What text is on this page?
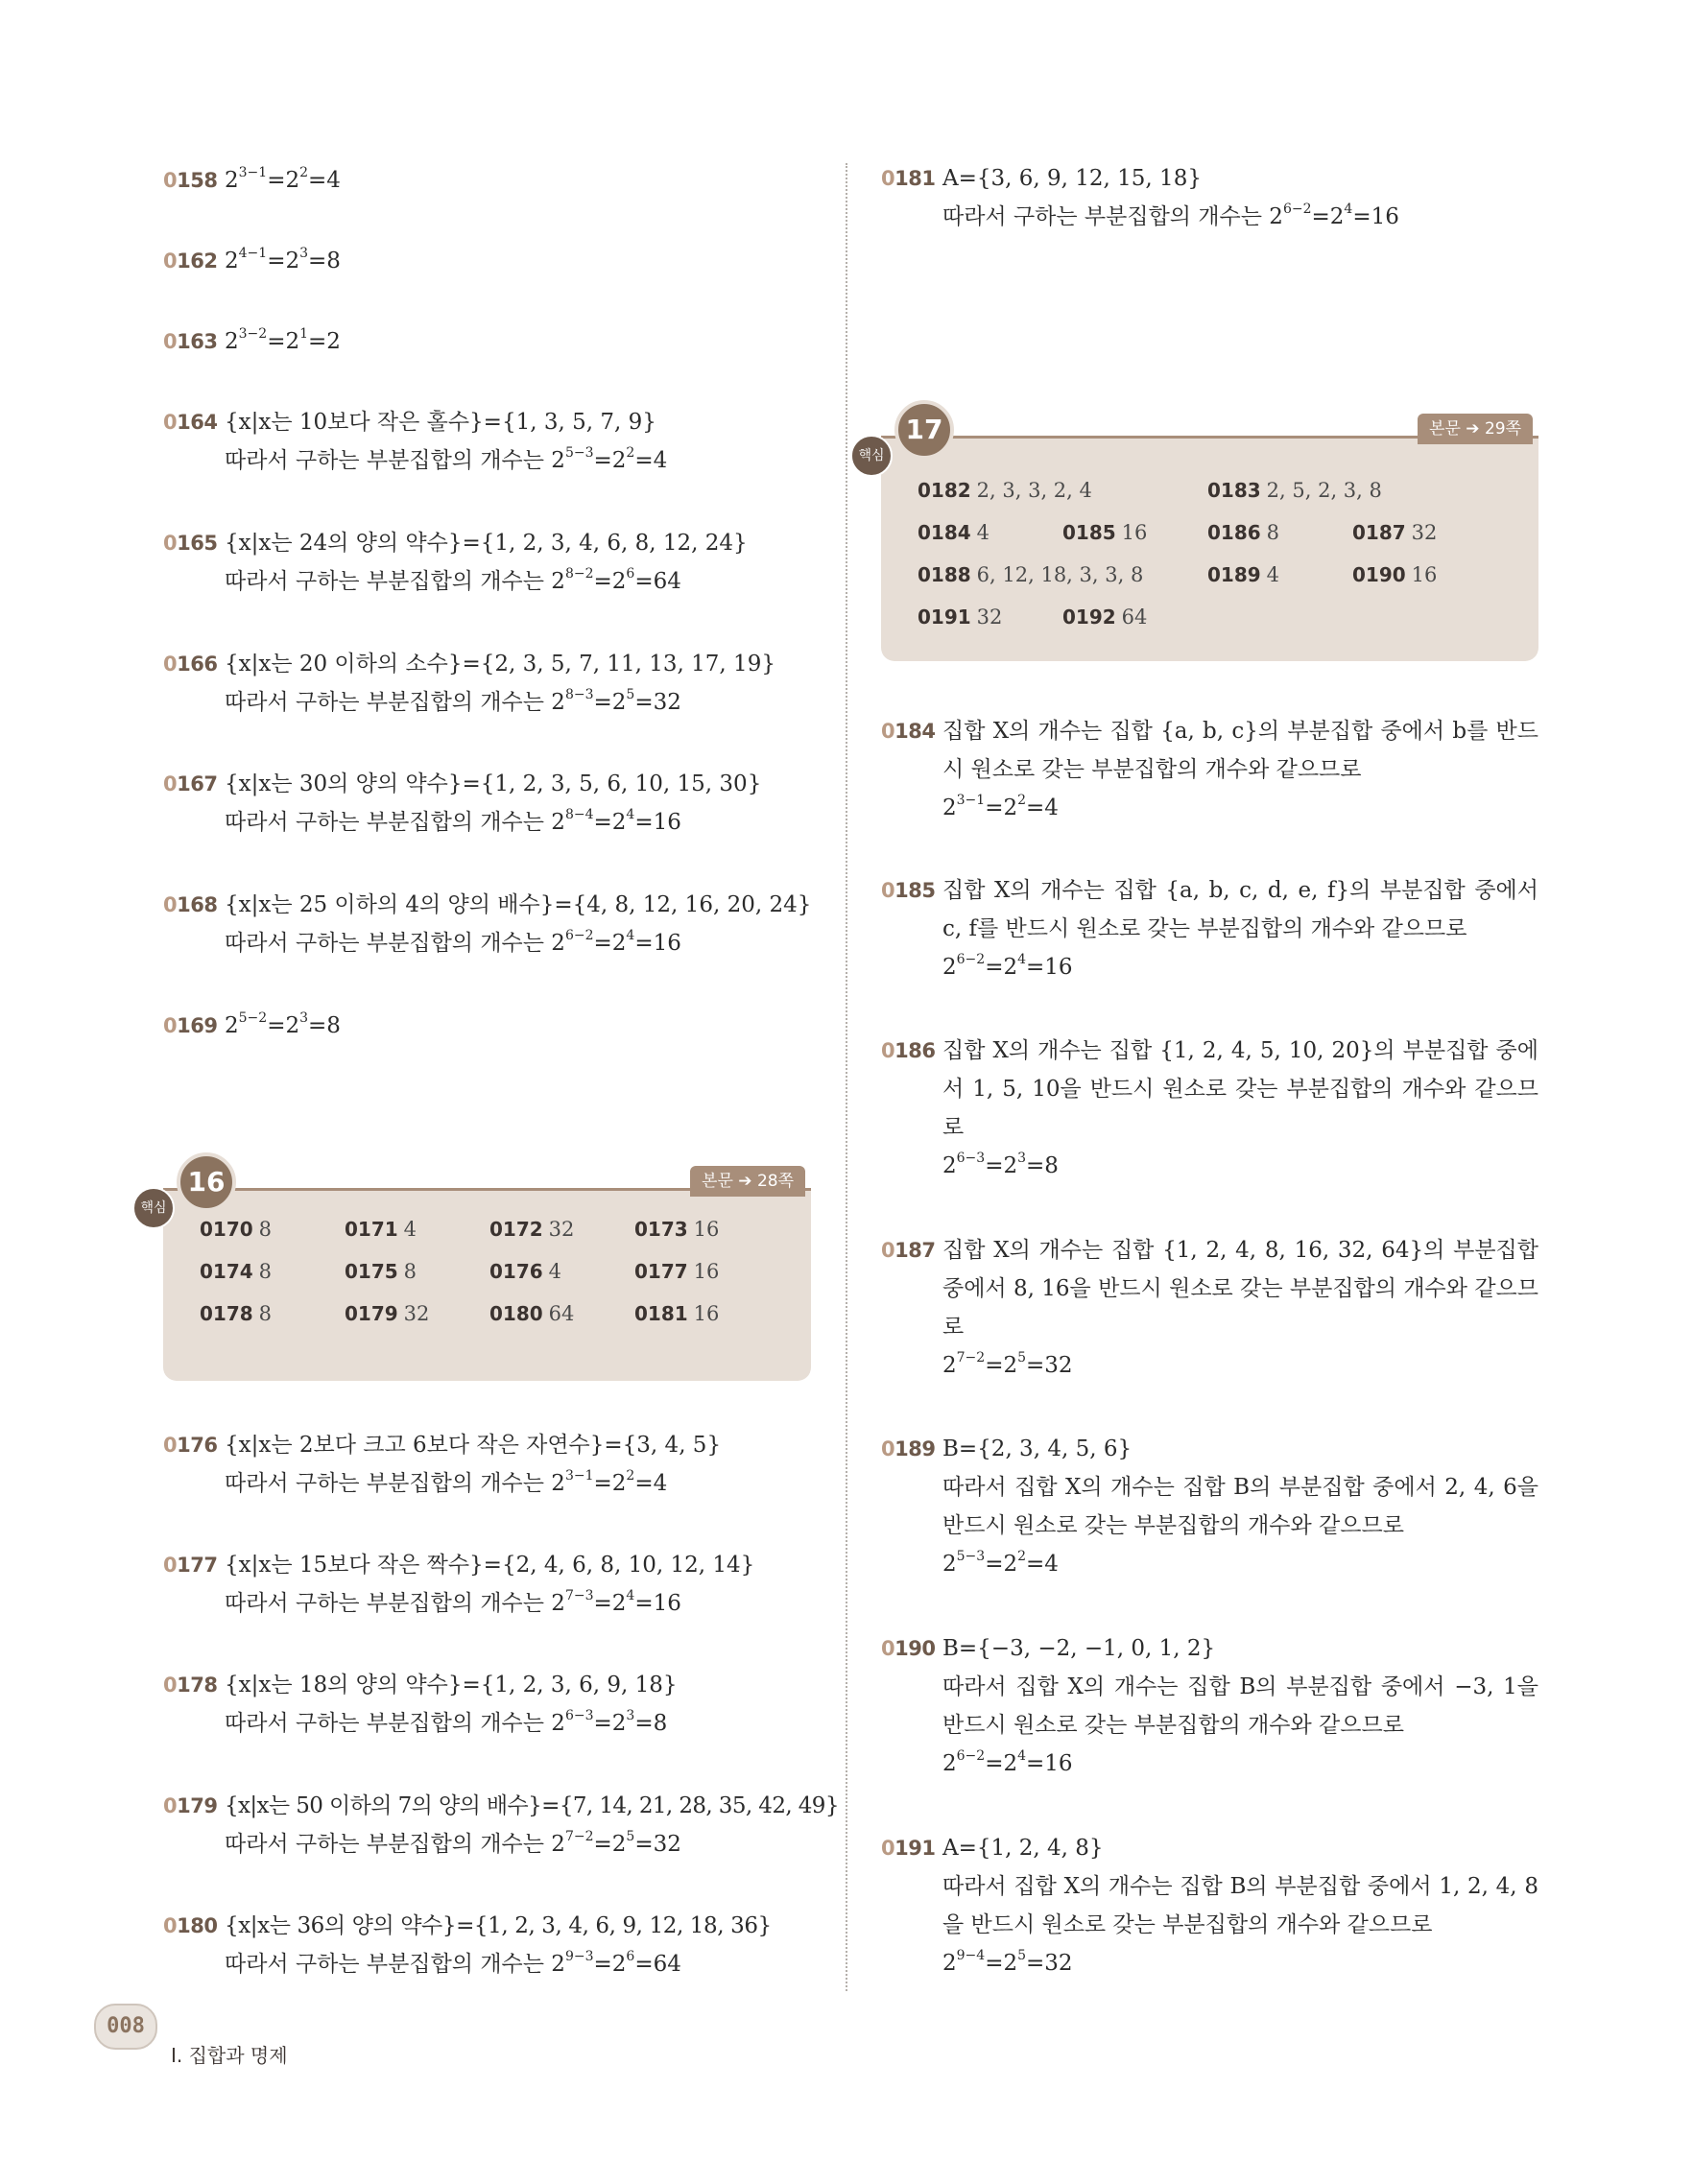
0158 $2^{3-1}=2^2=4$
0162 $2^{4-1}=2^3=8$
0163 $2^{3-2}=2^1=2$
0164 {x|x는 10보다 작은 홀수}={1, 3, 5, 7, 9}
따라서 구하는 부분집합의 개수는 $2^{5-3}=2^2=4$
0165 {x|x는 24의 양의 약수}={1, 2, 3, 4, 6, 8, 12, 24}
따라서 구하는 부분집합의 개수는 $2^{8-2}=2^6=64$
0166 {x|x는 20 이하의 소수}={2, 3, 5, 7, 11, 13, 17, 19}
따라서 구하는 부분집합의 개수는 $2^{8-3}=2^5=32$
0167 {x|x는 30의 양의 약수}={1, 2, 3, 5, 6, 10, 15, 30}
따라서 구하는 부분집합의 개수는 $2^{8-4}=2^4=16$
0168 {x|x는 25 이하의 4의 양의 배수}={4, 8, 12, 16, 20, 24}
따라서 구하는 부분집합의 개수는 $2^{6-2}=2^4=16$
0169 $2^{5-2}=2^3=8$
핵심
16	본문 ➔ 28쪽
0170 8	0171 4	0172 32	0173 16
0174 8	0175 8	0176 4	0177 16
0178 8	0179 32	0180 64	0181 16
0176 {x|x는 2보다 크고 6보다 작은 자연수}={3, 4, 5}
따라서 구하는 부분집합의 개수는 $2^{3-1}=2^2=4$
0177 {x|x는 15보다 작은 짝수}={2, 4, 6, 8, 10, 12, 14}
따라서 구하는 부분집합의 개수는 $2^{7-3}=2^4=16$
0178 {x|x는 18의 양의 약수}={1, 2, 3, 6, 9, 18}
따라서 구하는 부분집합의 개수는 $2^{6-3}=2^3=8$
0179 {x|x는 50 이하의 7의 양의 배수}={7, 14, 21, 28, 35, 42, 49}
따라서 구하는 부분집합의 개수는 $2^{7-2}=2^5=32$
0180 {x|x는 36의 양의 약수}={1, 2, 3, 4, 6, 9, 12, 18, 36}
따라서 구하는 부분집합의 개수는 $2^{9-3}=2^6=64$
0181 A={3, 6, 9, 12, 15, 18}
따라서 구하는 부분집합의 개수는 $2^{6-2}=2^4=16$
핵심
17	본문 ➔ 29쪽
0182 2, 3, 3, 2, 4	0183 2, 5, 2, 3, 8
0184 4	0185 16	0186 8	0187 32
0188 6, 12, 18, 3, 3, 8	0189 4	0190 16
0191 32	0192 64
0184 집합 X의 개수는 집합 {a, b, c}의 부분집합 중에서 b를 반드시 원소로 갖는 부분집합의 개수와 같으므로
$2^{3-1}=2^2=4$
0185 집합 X의 개수는 집합 {a, b, c, d, e, f}의 부분집합 중에서 c, f를 반드시 원소로 갖는 부분집합의 개수와 같으므로
$2^{6-2}=2^4=16$
0186 집합 X의 개수는 집합 {1, 2, 4, 5, 10, 20}의 부분집합 중에서 1, 5, 10을 반드시 원소로 갖는 부분집합의 개수와 같으므로
$2^{6-3}=2^3=8$
0187 집합 X의 개수는 집합 {1, 2, 4, 8, 16, 32, 64}의 부분집합 중에서 8, 16을 반드시 원소로 갖는 부분집합의 개수와 같으므로
$2^{7-2}=2^5=32$
0189 B={2, 3, 4, 5, 6}
따라서 집합 X의 개수는 집합 B의 부분집합 중에서 2, 4, 6을 반드시 원소로 갖는 부분집합의 개수와 같으므로
$2^{5-3}=2^2=4$
0190 B={−3, −2, −1, 0, 1, 2}
따라서 집합 X의 개수는 집합 B의 부분집합 중에서 −3, 1을 반드시 원소로 갖는 부분집합의 개수와 같으므로
$2^{6-2}=2^4=16$
0191 A={1, 2, 4, 8}
따라서 집합 X의 개수는 집합 B의 부분집합 중에서 1, 2, 4, 8을 반드시 원소로 갖는 부분집합의 개수와 같으므로
$2^{9-4}=2^5=32$
008
I. 집합과 명제
